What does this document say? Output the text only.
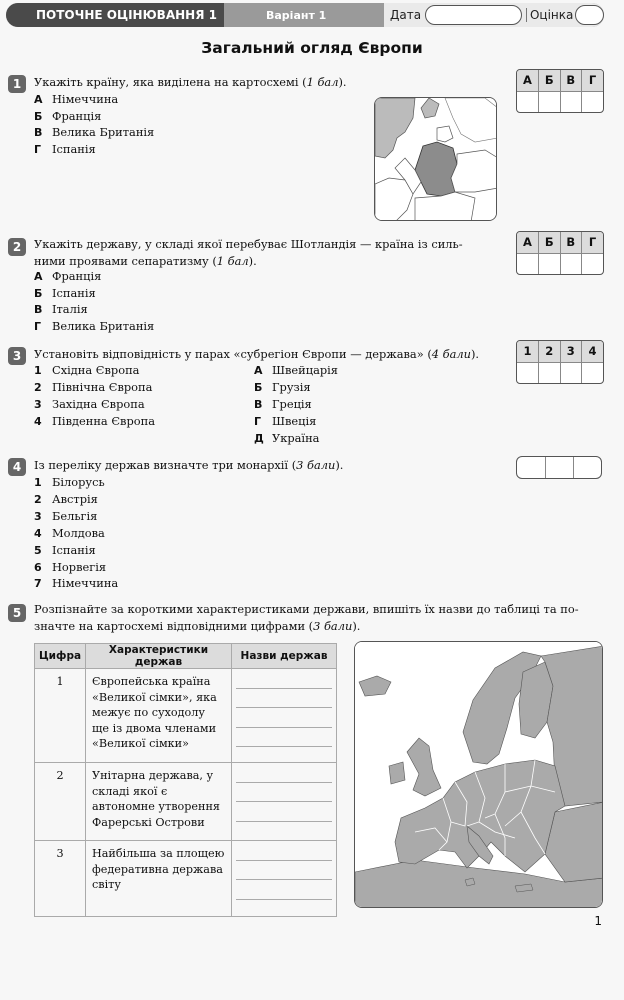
ПОТОЧНЕ ОЦІНЮВАННЯ 1	Варіант 1	Дата	Оцінка
Загальний огляд Європи
1	Укажіть країну, яка виділена на картосхемі (1 бал).
А Німеччина
Б Франція
В Велика Британія
Г Іспанія
А	Б	В	Г

2	Укажіть державу, у складі якої перебуває Шотландія — країна із силь-
ними проявами сепаратизму (1 бал).
А Франція
Б Іспанія
В Італія
Г Велика Британія
А	Б	В	Г

3	Установіть відповідність у парах «субрегіон Європи — держава» (4 бали).
1 Східна Європа
2 Північна Європа
3 Західна Європа
4 Південна Європа
А Швейцарія
Б Грузія
В Греція
Г Швеція
Д Україна
1	2	3	4

4	Із переліку держав визначте три монархії (3 бали).
1 Білорусь
2 Австрія
3 Бельгія
4 Молдова
5 Іспанія
6 Норвегія
7 Німеччина

5	Розпізнайте за короткими характеристиками держави, впишіть їх назви до таблиці та по-
значте на картосхемі відповідними цифрами (3 бали).
Цифра	Характеристики держав	Назви держав
1	Європейська країна «Великої сімки», яка межує по суходолу ще із двома членами «Великої сімки»	

2	Унітарна держава, у складі якої є автономне утворення Фарерські Острови	

3	Найбільша за площею федеративна держава світу	
1
